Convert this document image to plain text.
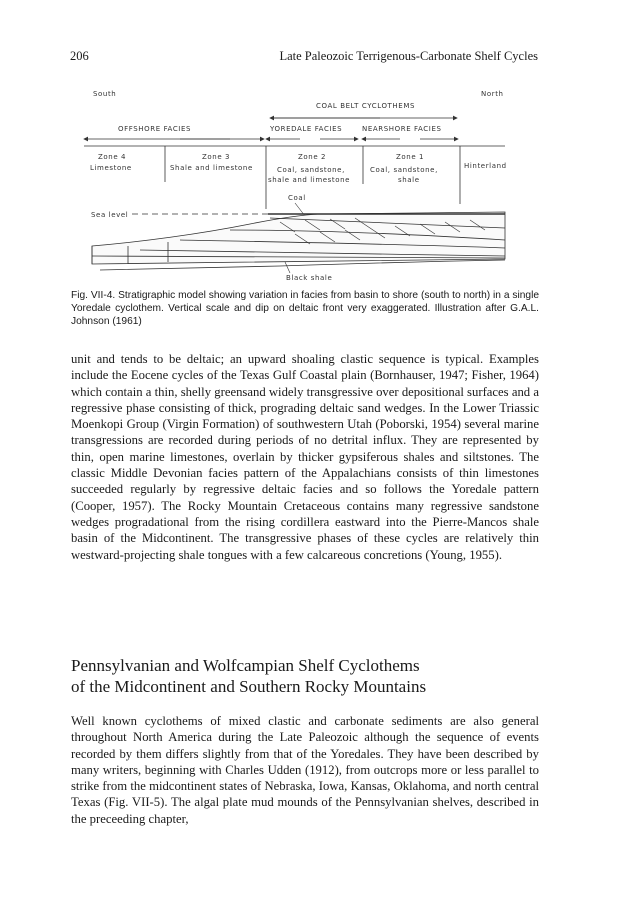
206	Late Paleozoic Terrigenous-Carbonate Shelf Cycles
South	North
COAL BELT CYCLOTHEMS
OFFSHORE FACIES	YOREDALE FACIES	NEARSHORE FACIES
Zone 4
Limestone
Zone 3
Shale and limestone
Zone 2
Coal, sandstone,
shale and limestone
Zone 1
Coal, sandstone,
shale
Hinterland
Coal
Sea level
Black shale
Fig. VII-4. Stratigraphic model showing variation in facies from basin to shore (south to north) in a single Yoredale cyclothem. Vertical scale and dip on deltaic front very exaggerated. Illustration after G.A.L. Johnson (1961)

unit and tends to be deltaic; an upward shoaling clastic sequence is typical. Examples include the Eocene cycles of the Texas Gulf Coastal plain (Bornhauser, 1947; Fisher, 1964) which contain a thin, shelly greensand widely transgressive over depositional surfaces and a regressive phase consisting of thick, prograding deltaic sand wedges. In the Lower Triassic Moenkopi Group (Virgin Formation) of southwestern Utah (Poborski, 1954) several marine transgressions are recorded during periods of no detrital influx. They are represented by thin, open marine limestones, overlain by thicker gypsiferous shales and siltstones. The classic Middle Devonian facies pattern of the Appalachians consists of thin limestones succeeded regularly by regressive deltaic facies and so follows the Yoredale pattern (Cooper, 1957). The Rocky Mountain Cretaceous contains many regressive sandstone wedges progradational from the rising cordillera eastward into the Pierre-Mancos shale basin of the Midcontinent. The transgressive phases of these cycles are relatively thin westward-projecting shale tongues with a few calcareous concretions (Young, 1955).

Pennsylvanian and Wolfcampian Shelf Cyclothems
of the Midcontinent and Southern Rocky Mountains

Well known cyclothems of mixed clastic and carbonate sediments are also general throughout North America during the Late Paleozoic although the sequence of events recorded by them differs slightly from that of the Yoredales. They have been described by many writers, beginning with Charles Udden (1912), from outcrops more or less parallel to strike from the midcontinent states of Nebraska, Iowa, Kansas, Oklahoma, and north central Texas (Fig. VII-5). The algal plate mud mounds of the Pennsylvanian shelves, described in the preceeding chapter,
